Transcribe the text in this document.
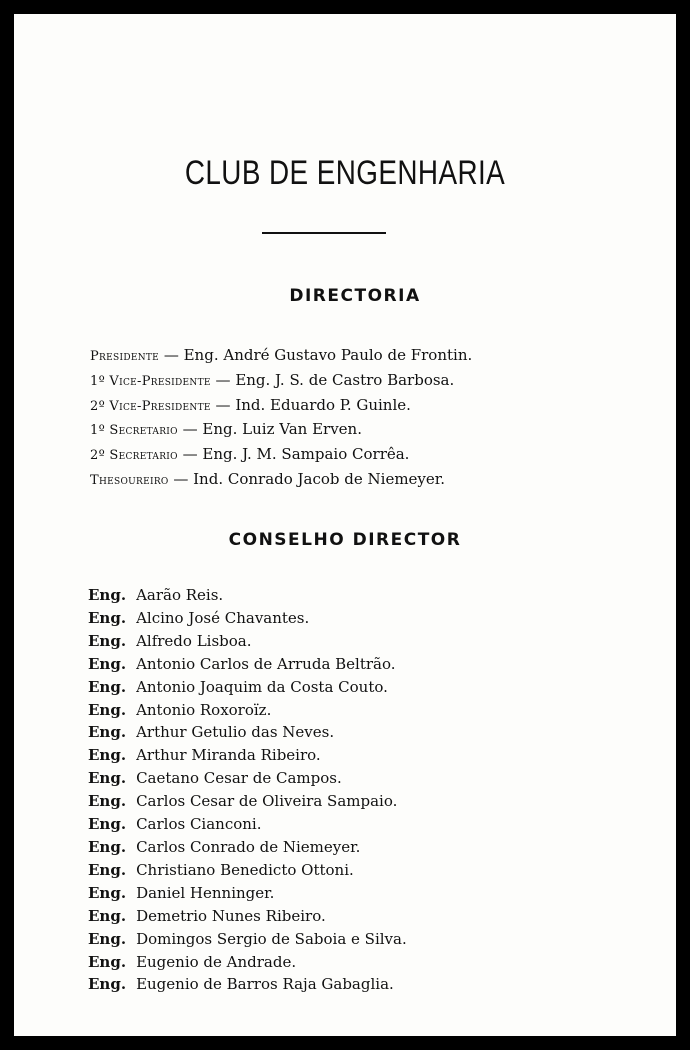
CLUB DE ENGENHARIA
DIRECTORIA
Presidente — Eng. André Gustavo Paulo de Frontin.
1º Vice-Presidente — Eng. J. S. de Castro Barbosa.
2º Vice-Presidente — Ind. Eduardo P. Guinle.
1º Secretario — Eng. Luiz Van Erven.
2º Secretario — Eng. J. M. Sampaio Corrêa.
Thesoureiro — Ind. Conrado Jacob de Niemeyer.
CONSELHO DIRECTOR
Eng. Aarão Reis.
Eng. Alcino José Chavantes.
Eng. Alfredo Lisboa.
Eng. Antonio Carlos de Arruda Beltrão.
Eng. Antonio Joaquim da Costa Couto.
Eng. Antonio Roxoroïz.
Eng. Arthur Getulio das Neves.
Eng. Arthur Miranda Ribeiro.
Eng. Caetano Cesar de Campos.
Eng. Carlos Cesar de Oliveira Sampaio.
Eng. Carlos Cianconi.
Eng. Carlos Conrado de Niemeyer.
Eng. Christiano Benedicto Ottoni.
Eng. Daniel Henninger.
Eng. Demetrio Nunes Ribeiro.
Eng. Domingos Sergio de Saboia e Silva.
Eng. Eugenio de Andrade.
Eng. Eugenio de Barros Raja Gabaglia.
